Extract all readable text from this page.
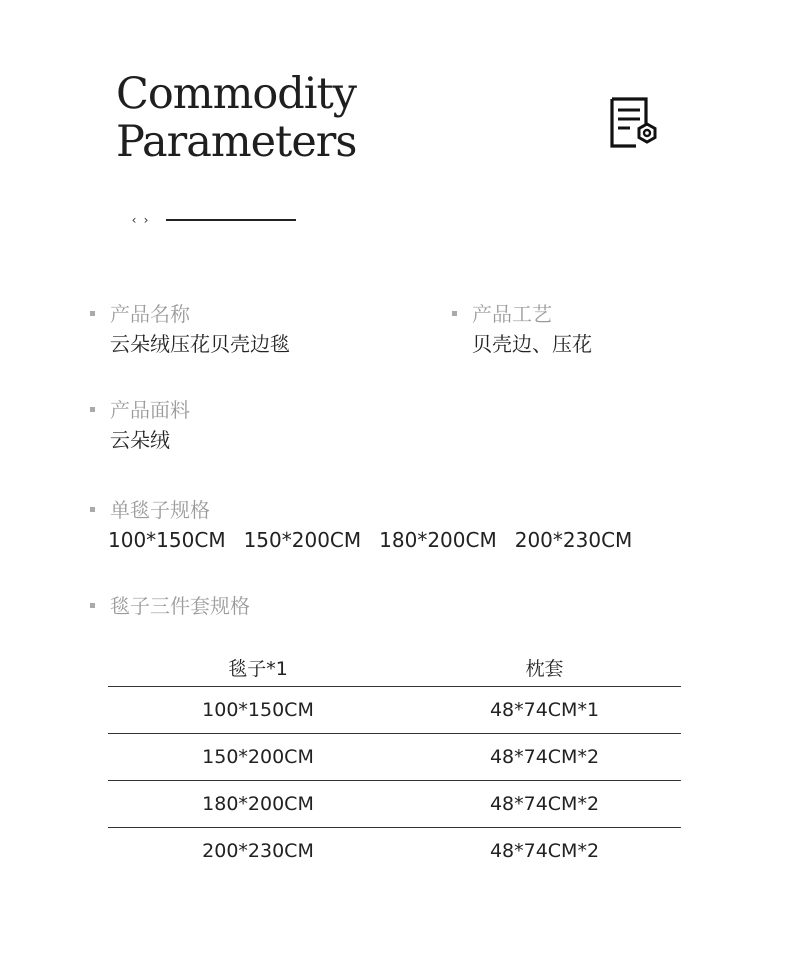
Commodity
Parameters
‹ ›
产品名称
云朵绒压花贝壳边毯
产品工艺
贝壳边、压花
产品面料
云朵绒
单毯子规格
100*150CM 150*200CM 180*200CM 200*230CM
毯子三件套规格
毯子*1	枕套
100*150CM	48*74CM*1
150*200CM	48*74CM*2
180*200CM	48*74CM*2
200*230CM	48*74CM*2
